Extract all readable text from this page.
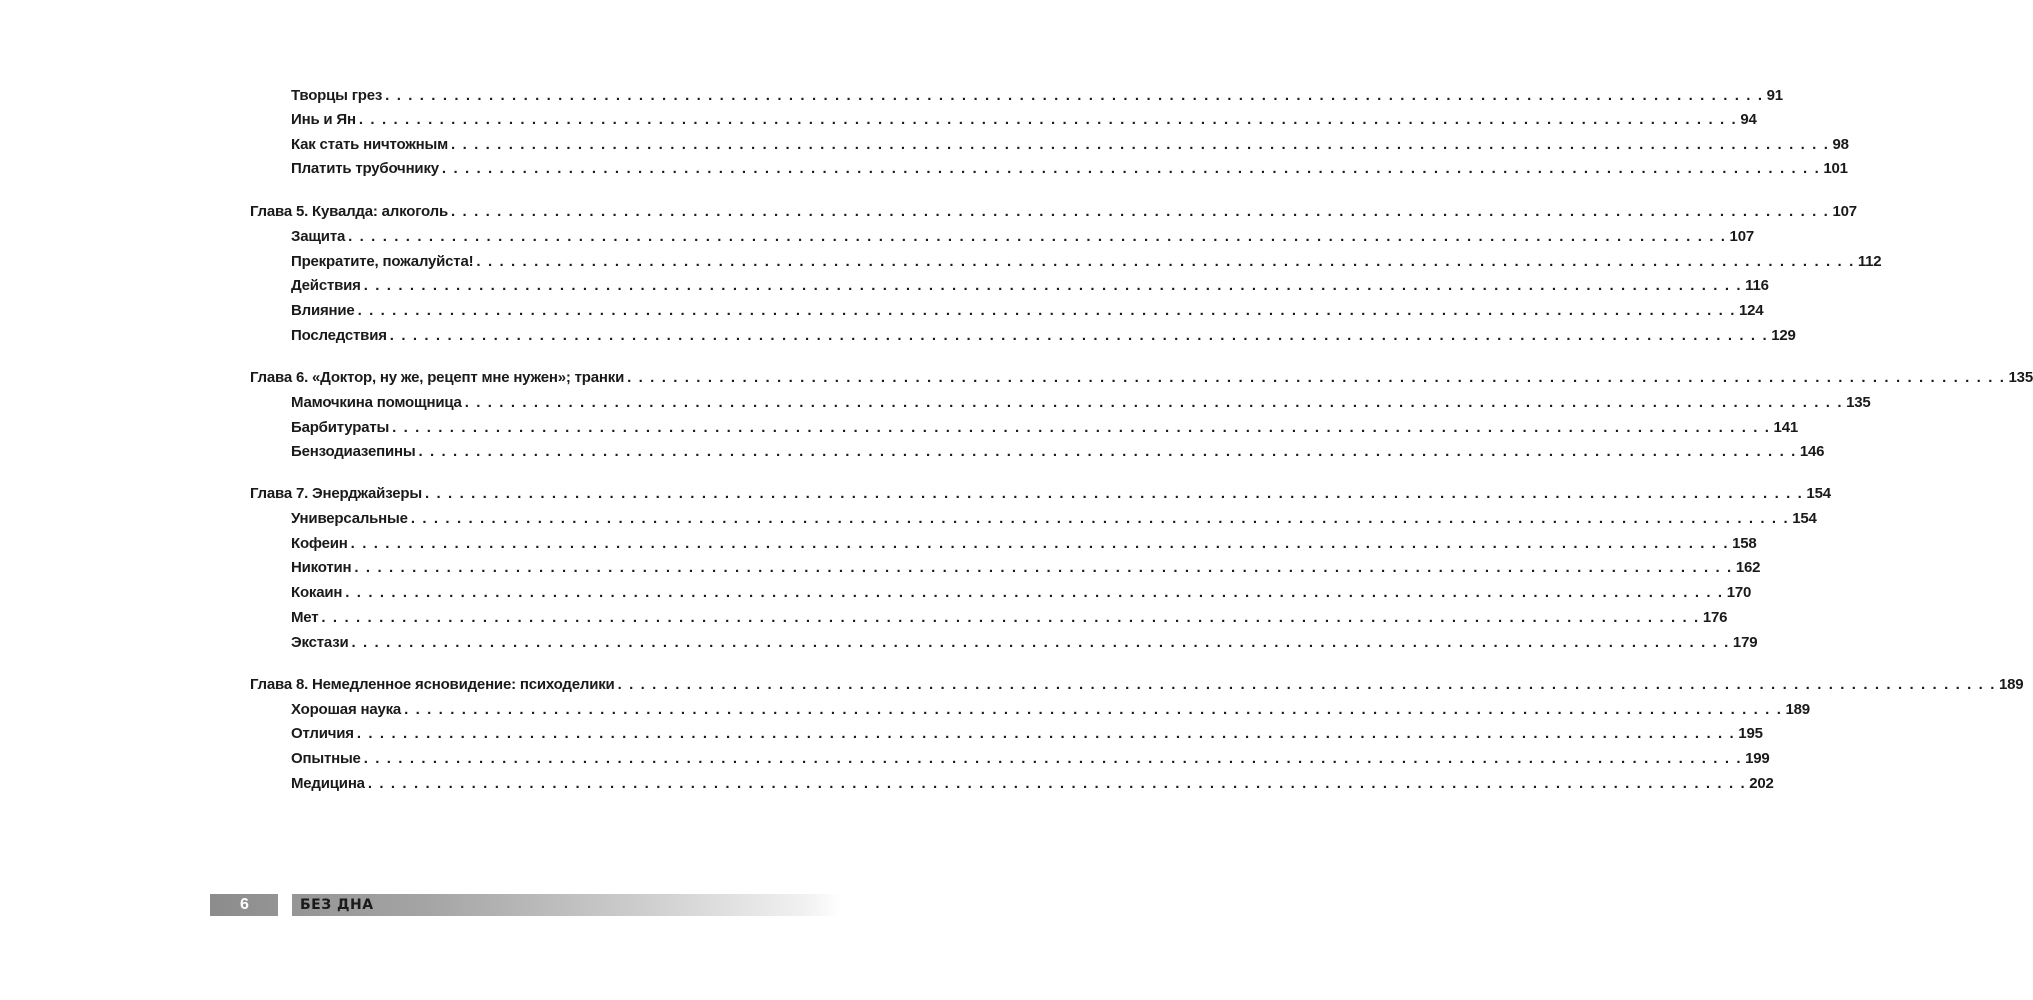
Творцы грез . . . . . . . . . . . . . . . . . . . . . . . . . . . . . . . . . . . . . . . . . . . . . . . . . . . . . . . . . . . . . . . . . . . . . . . . . . . . . . . . . . . . . . . . . . . . . . . . . . . . . . . . . . . . . . . . . . . . . . . . 91
Инь и Ян . . . . . . . . . . . . . . . . . . . . . . . . . . . . . . . . . . . . . . . . . . . . . . . . . . . . . . . . . . . . . . . . . . . . . . . . . . . . . . . . . . . . . . . . . . . . . . . . . . . . . . . . . . . . . . . . . . . . . . . . 94
Как стать ничтожным . . . . . . . . . . . . . . . . . . . . . . . . . . . . . . . . . . . . . . . . . . . . . . . . . . . . . . . . . . . . . . . . . . . . . . . . . . . . . . . . . . . . . . . . . . . . . . . . . . . . . . . . . . . . . . . . . . . . . . . . 98
Платить трубочнику . . . . . . . . . . . . . . . . . . . . . . . . . . . . . . . . . . . . . . . . . . . . . . . . . . . . . . . . . . . . . . . . . . . . . . . . . . . . . . . . . . . . . . . . . . . . . . . . . . . . . . . . . . . . . . . . . . . . . . . . 101
Глава 5. Кувалда: алкоголь . . . . . . . . . . . . . . . . . . . . . . . . . . . . . . . . . . . . . . . . . . . . . . . . . . . . . . . . . . . . . . . . . . . . . . . . . . . . . . . . . . . . . . . . . . . . . . . . . . . . . . . . . . . . . . . . . . . . . . . . 107
Защита . . . . . . . . . . . . . . . . . . . . . . . . . . . . . . . . . . . . . . . . . . . . . . . . . . . . . . . . . . . . . . . . . . . . . . . . . . . . . . . . . . . . . . . . . . . . . . . . . . . . . . . . . . . . . . . . . . . . . . . . 107
Прекратите, пожалуйста! . . . . . . . . . . . . . . . . . . . . . . . . . . . . . . . . . . . . . . . . . . . . . . . . . . . . . . . . . . . . . . . . . . . . . . . . . . . . . . . . . . . . . . . . . . . . . . . . . . . . . . . . . . . . . . . . . . . . . . . . 112
Действия . . . . . . . . . . . . . . . . . . . . . . . . . . . . . . . . . . . . . . . . . . . . . . . . . . . . . . . . . . . . . . . . . . . . . . . . . . . . . . . . . . . . . . . . . . . . . . . . . . . . . . . . . . . . . . . . . . . . . . . . 116
Влияние . . . . . . . . . . . . . . . . . . . . . . . . . . . . . . . . . . . . . . . . . . . . . . . . . . . . . . . . . . . . . . . . . . . . . . . . . . . . . . . . . . . . . . . . . . . . . . . . . . . . . . . . . . . . . . . . . . . . . . . . 124
Последствия . . . . . . . . . . . . . . . . . . . . . . . . . . . . . . . . . . . . . . . . . . . . . . . . . . . . . . . . . . . . . . . . . . . . . . . . . . . . . . . . . . . . . . . . . . . . . . . . . . . . . . . . . . . . . . . . . . . . . . . . 129
Глава 6. «Доктор, ну же, рецепт мне нужен»; транки . . . . . . . . . . . . . . . . . . . . . . . . . . . . . . . . . . . . . . . . . . . . . . . . . . . . . . . . . . . . . . . . . . . . . . . . . . . . . . . . . . . . . . . . . . . . . . . . . . . . . . . . . . . . . . . . . . . . . . . . 135
Мамочкина помощница . . . . . . . . . . . . . . . . . . . . . . . . . . . . . . . . . . . . . . . . . . . . . . . . . . . . . . . . . . . . . . . . . . . . . . . . . . . . . . . . . . . . . . . . . . . . . . . . . . . . . . . . . . . . . . . . . . . . . . . . 135
Барбитураты . . . . . . . . . . . . . . . . . . . . . . . . . . . . . . . . . . . . . . . . . . . . . . . . . . . . . . . . . . . . . . . . . . . . . . . . . . . . . . . . . . . . . . . . . . . . . . . . . . . . . . . . . . . . . . . . . . . . . . . . 141
Бензодиазепины . . . . . . . . . . . . . . . . . . . . . . . . . . . . . . . . . . . . . . . . . . . . . . . . . . . . . . . . . . . . . . . . . . . . . . . . . . . . . . . . . . . . . . . . . . . . . . . . . . . . . . . . . . . . . . . . . . . . . . . . 146
Глава 7. Энерджайзеры . . . . . . . . . . . . . . . . . . . . . . . . . . . . . . . . . . . . . . . . . . . . . . . . . . . . . . . . . . . . . . . . . . . . . . . . . . . . . . . . . . . . . . . . . . . . . . . . . . . . . . . . . . . . . . . . . . . . . . . . 154
Универсальные . . . . . . . . . . . . . . . . . . . . . . . . . . . . . . . . . . . . . . . . . . . . . . . . . . . . . . . . . . . . . . . . . . . . . . . . . . . . . . . . . . . . . . . . . . . . . . . . . . . . . . . . . . . . . . . . . . . . . . . . 154
Кофеин . . . . . . . . . . . . . . . . . . . . . . . . . . . . . . . . . . . . . . . . . . . . . . . . . . . . . . . . . . . . . . . . . . . . . . . . . . . . . . . . . . . . . . . . . . . . . . . . . . . . . . . . . . . . . . . . . . . . . . . . 158
Никотин . . . . . . . . . . . . . . . . . . . . . . . . . . . . . . . . . . . . . . . . . . . . . . . . . . . . . . . . . . . . . . . . . . . . . . . . . . . . . . . . . . . . . . . . . . . . . . . . . . . . . . . . . . . . . . . . . . . . . . . . 162
Кокаин . . . . . . . . . . . . . . . . . . . . . . . . . . . . . . . . . . . . . . . . . . . . . . . . . . . . . . . . . . . . . . . . . . . . . . . . . . . . . . . . . . . . . . . . . . . . . . . . . . . . . . . . . . . . . . . . . . . . . . . . 170
Мет . . . . . . . . . . . . . . . . . . . . . . . . . . . . . . . . . . . . . . . . . . . . . . . . . . . . . . . . . . . . . . . . . . . . . . . . . . . . . . . . . . . . . . . . . . . . . . . . . . . . . . . . . . . . . . . . . . . . . . . . 176
Экстази . . . . . . . . . . . . . . . . . . . . . . . . . . . . . . . . . . . . . . . . . . . . . . . . . . . . . . . . . . . . . . . . . . . . . . . . . . . . . . . . . . . . . . . . . . . . . . . . . . . . . . . . . . . . . . . . . . . . . . . . 179
Глава 8. Немедленное ясновидение: психоделики . . . . . . . . . . . . . . . . . . . . . . . . . . . . . . . . . . . . . . . . . . . . . . . . . . . . . . . . . . . . . . . . . . . . . . . . . . . . . . . . . . . . . . . . . . . . . . . . . . . . . . . . . . . . . . . . . . . . . . . . 189
Хорошая наука . . . . . . . . . . . . . . . . . . . . . . . . . . . . . . . . . . . . . . . . . . . . . . . . . . . . . . . . . . . . . . . . . . . . . . . . . . . . . . . . . . . . . . . . . . . . . . . . . . . . . . . . . . . . . . . . . . . . . . . . 189
Отличия . . . . . . . . . . . . . . . . . . . . . . . . . . . . . . . . . . . . . . . . . . . . . . . . . . . . . . . . . . . . . . . . . . . . . . . . . . . . . . . . . . . . . . . . . . . . . . . . . . . . . . . . . . . . . . . . . . . . . . . . 195
Опытные . . . . . . . . . . . . . . . . . . . . . . . . . . . . . . . . . . . . . . . . . . . . . . . . . . . . . . . . . . . . . . . . . . . . . . . . . . . . . . . . . . . . . . . . . . . . . . . . . . . . . . . . . . . . . . . . . . . . . . . . 199
Медицина . . . . . . . . . . . . . . . . . . . . . . . . . . . . . . . . . . . . . . . . . . . . . . . . . . . . . . . . . . . . . . . . . . . . . . . . . . . . . . . . . . . . . . . . . . . . . . . . . . . . . . . . . . . . . . . . . . . . . . . . 202
6	БЕЗ ДНА
